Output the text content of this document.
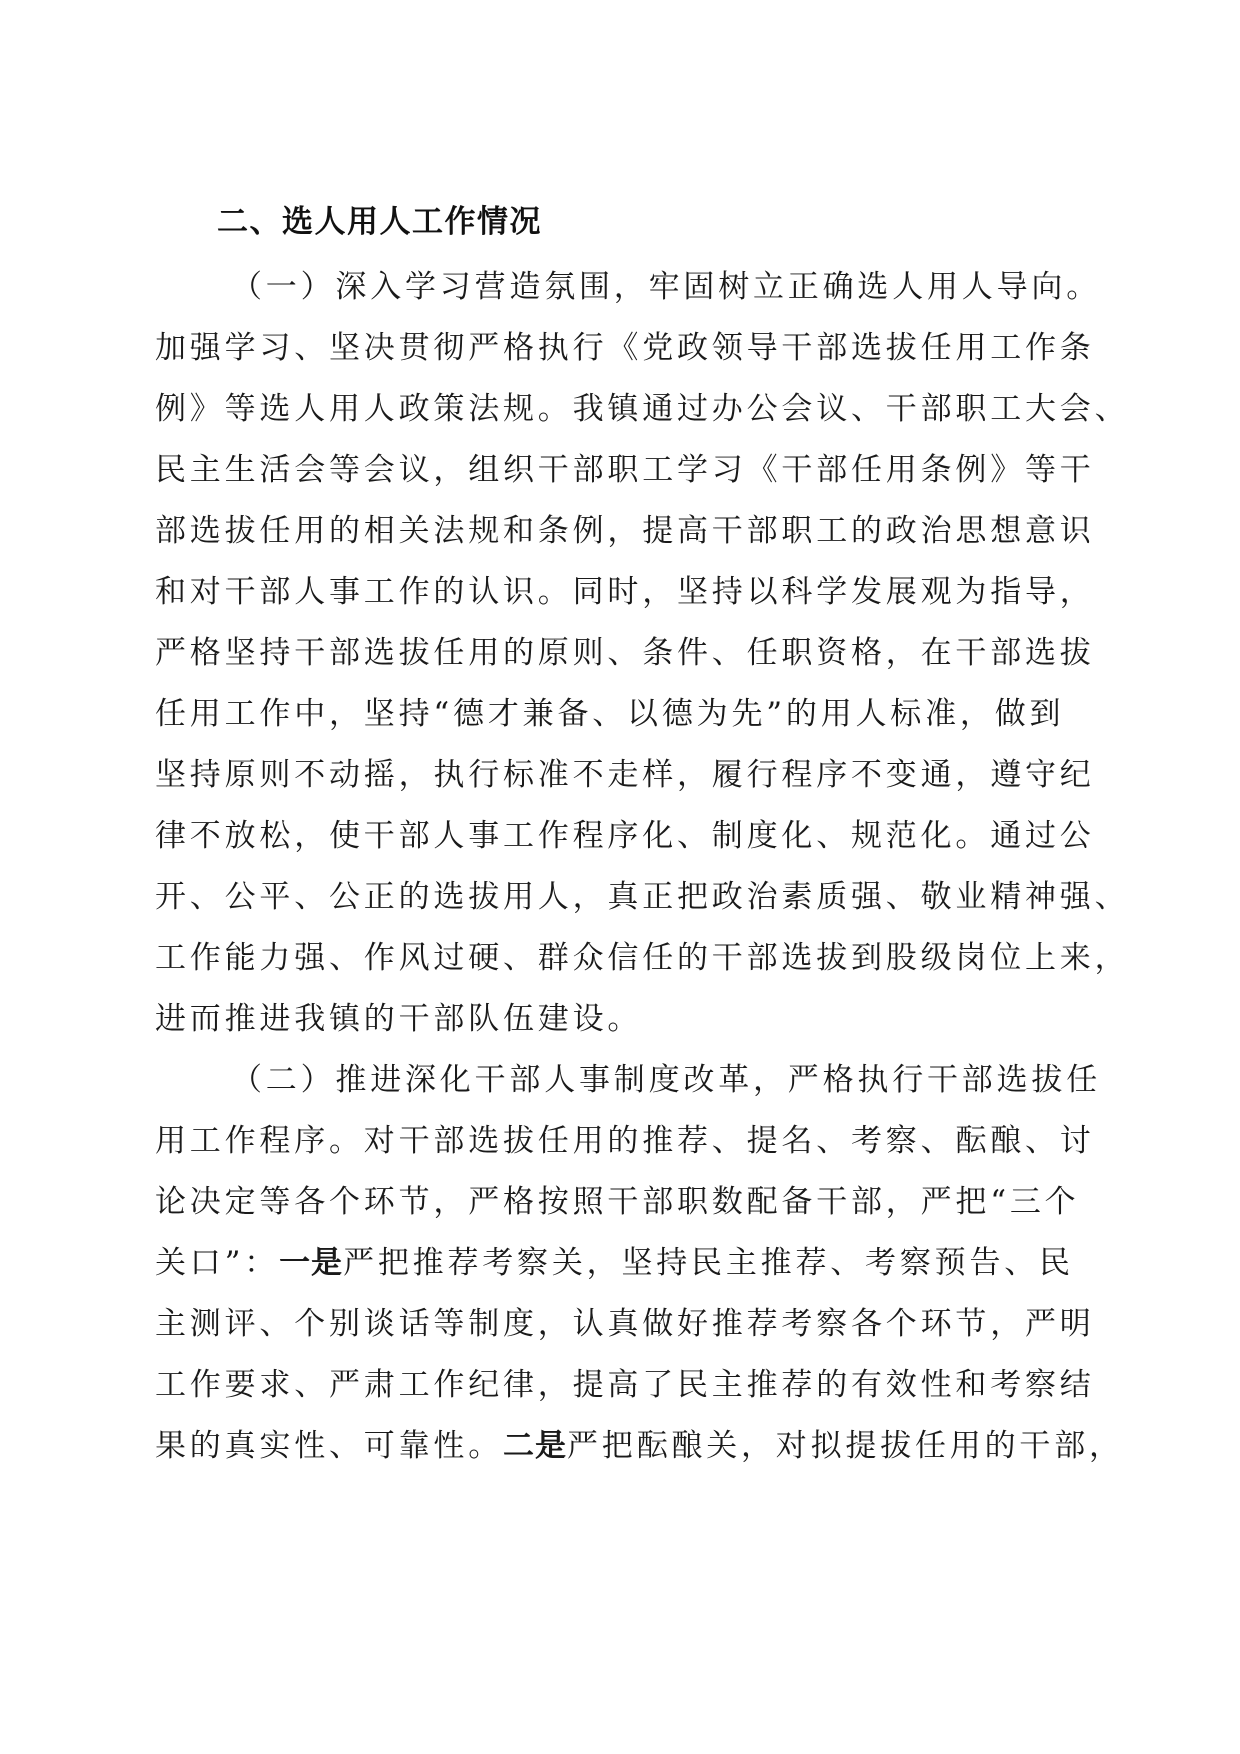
二、选人用人工作情况
（一）深入学习营造氛围，牢固树立正确选人用人导向。
加强学习、坚决贯彻严格执行《党政领导干部选拔任用工作条
例》等选人用人政策法规。我镇通过办公会议、干部职工大会、
民主生活会等会议，组织干部职工学习《干部任用条例》等干
部选拔任用的相关法规和条例，提高干部职工的政治思想意识
和对干部人事工作的认识。同时，坚持以科学发展观为指导，
严格坚持干部选拔任用的原则、条件、任职资格，在干部选拔
任用工作中，坚持“德才兼备、以德为先”的用人标准，做到
坚持原则不动摇，执行标准不走样，履行程序不变通，遵守纪
律不放松，使干部人事工作程序化、制度化、规范化。通过公
开、公平、公正的选拔用人，真正把政治素质强、敬业精神强、
工作能力强、作风过硬、群众信任的干部选拔到股级岗位上来，
进而推进我镇的干部队伍建设。
（二）推进深化干部人事制度改革，严格执行干部选拔任
用工作程序。对干部选拔任用的推荐、提名、考察、酝酿、讨
论决定等各个环节，严格按照干部职数配备干部，严把“三个
关口”：一是严把推荐考察关，坚持民主推荐、考察预告、民
主测评、个别谈话等制度，认真做好推荐考察各个环节，严明
工作要求、严肃工作纪律，提高了民主推荐的有效性和考察结
果的真实性、可靠性。二是严把酝酿关，对拟提拔任用的干部，
